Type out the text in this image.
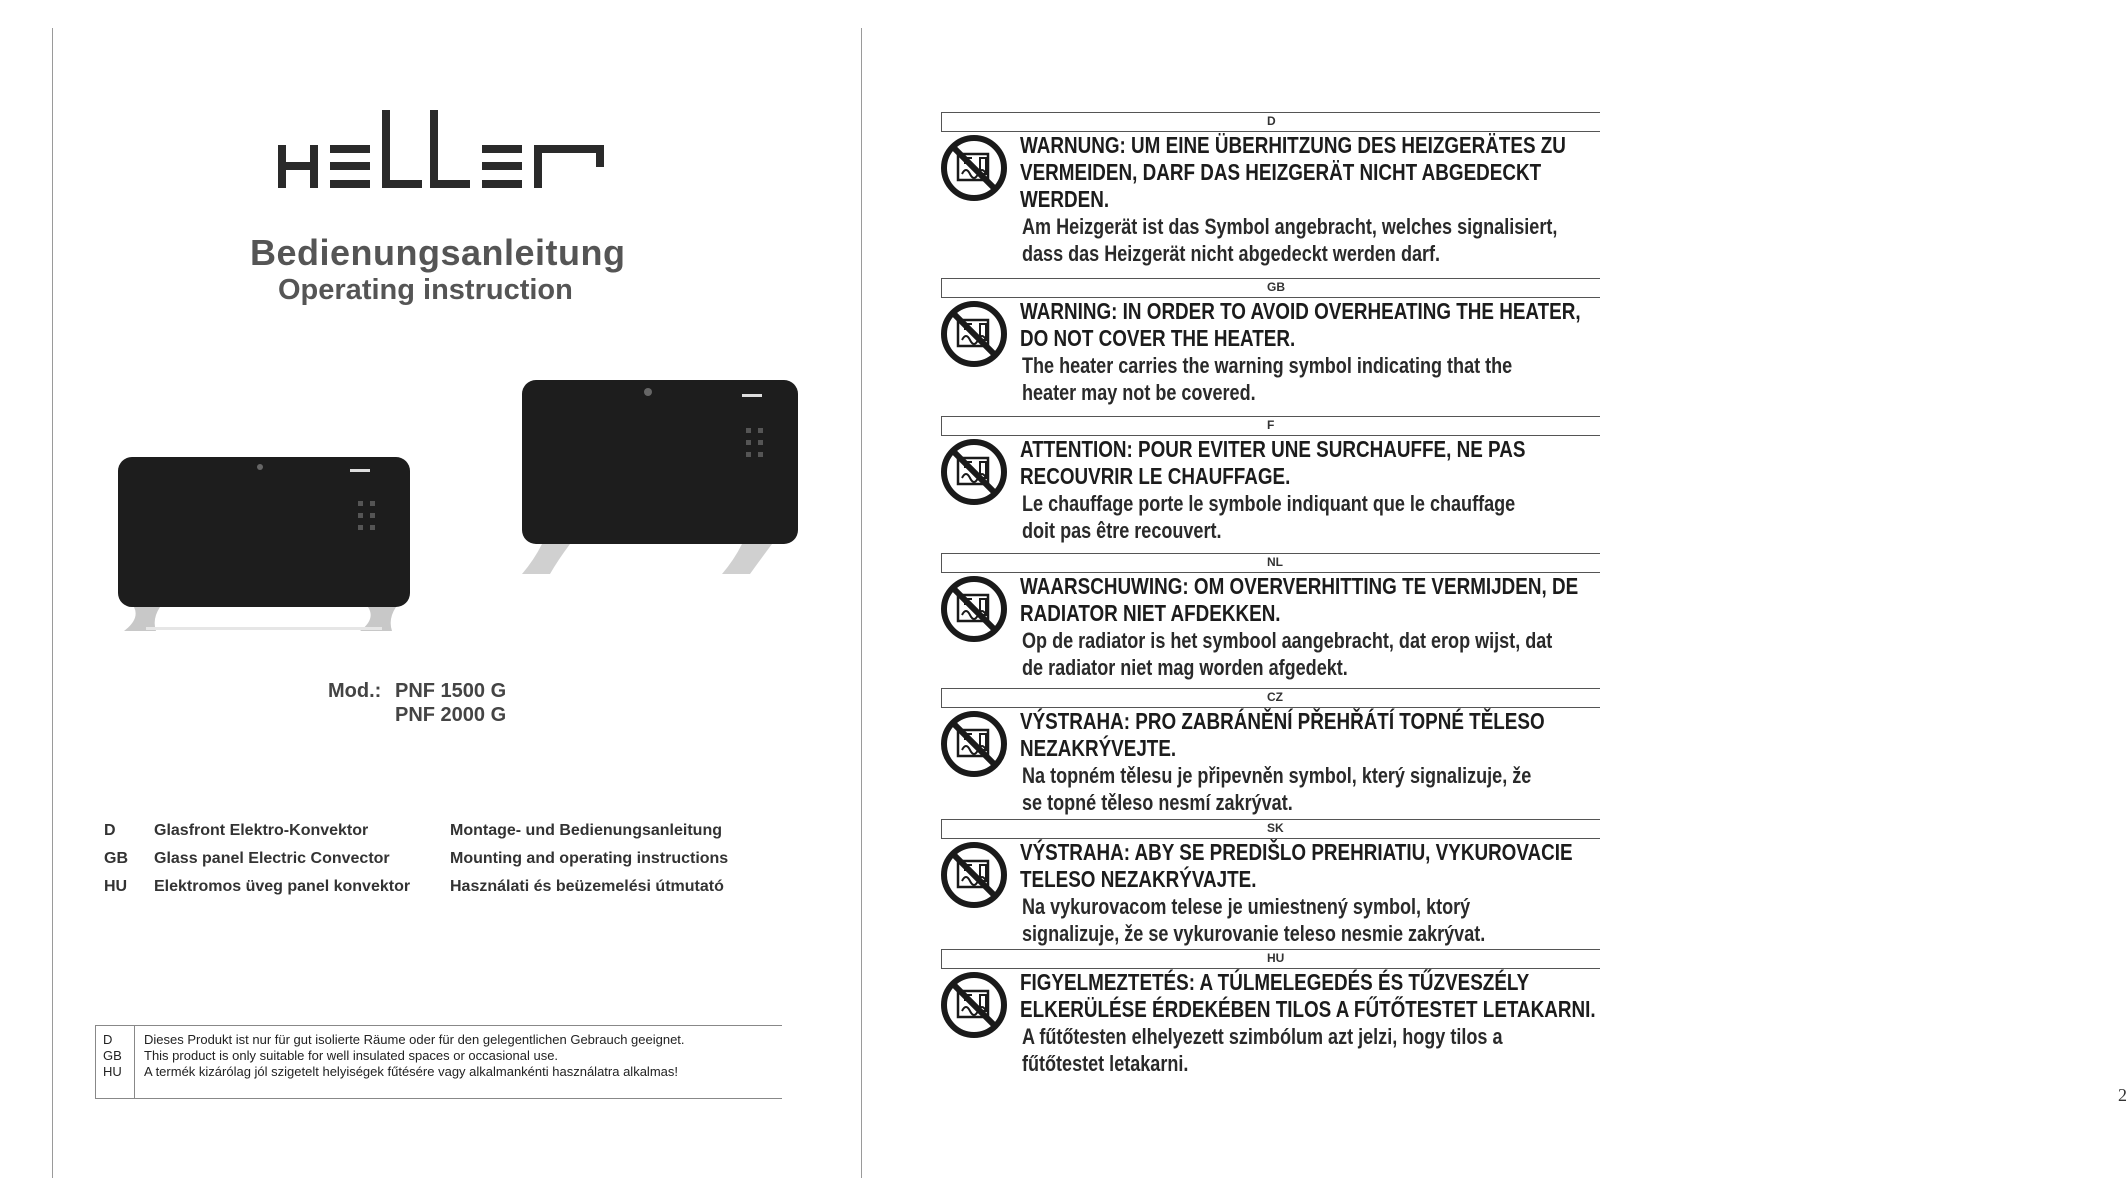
HELLER
Bedienungsanleitung
Operating instruction
Mod.: PNF 1500 G
PNF 2000 G
D Glasfront Elektro-Konvektor	Montage- und Bedienungsanleitung
GB Glass panel Electric Convector	Mounting and operating instructions
HU Elektromos üveg panel konvektor Használati és beüzemelési útmutató
D Dieses Produkt ist nur für gut isolierte Räume oder für den gelegentlichen Gebrauch geeignet.
GB This product is only suitable for well insulated spaces or occasional use.
HU A termék kizárólag jól szigetelt helyiségek fűtésére vagy alkalmankénti használatra alkalmas!
D
WARNUNG: UM EINE ÜBERHITZUNG DES HEIZGERÄTES ZU
VERMEIDEN, DARF DAS HEIZGERÄT NICHT ABGEDECKT
WERDEN.
Am Heizgerät ist das Symbol angebracht, welches signalisiert,
dass das Heizgerät nicht abgedeckt werden darf.
GB
WARNING: IN ORDER TO AVOID OVERHEATING THE HEATER,
DO NOT COVER THE HEATER.
The heater carries the warning symbol indicating that the
heater may not be covered.
F
ATTENTION: POUR EVITER UNE SURCHAUFFE, NE PAS
RECOUVRIR LE CHAUFFAGE.
Le chauffage porte le symbole indiquant que le chauffage
doit pas être recouvert.
NL
WAARSCHUWING: OM OVERVERHITTING TE VERMIJDEN, DE
RADIATOR NIET AFDEKKEN.
Op de radiator is het symbool aangebracht, dat erop wijst, dat
de radiator niet mag worden afgedekt.
CZ
VÝSTRAHA: PRO ZABRÁNĚNÍ PŘEHŘÁTÍ TOPNÉ TĚLESO
NEZAKRÝVEJTE.
Na topném tělesu je připevněn symbol, který signalizuje, že
se topné těleso nesmí zakrývat.
SK
VÝSTRAHA: ABY SE PREDIŠLO PREHRIATIU, VYKUROVACIE
TELESO NEZAKRÝVAJTE.
Na vykurovacom telese je umiestnený symbol, ktorý
signalizuje, že se vykurovanie teleso nesmie zakrývat.
HU
FIGYELMEZTETÉS: A TÚLMELEGEDÉS ÉS TŰZVESZÉLY
ELKERÜLÉSE ÉRDEKÉBEN TILOS A FŰTŐTESTET LETAKARNI.
A fűtőtesten elhelyezett szimbólum azt jelzi, hogy tilos a
fűtőtestet letakarni.
2
